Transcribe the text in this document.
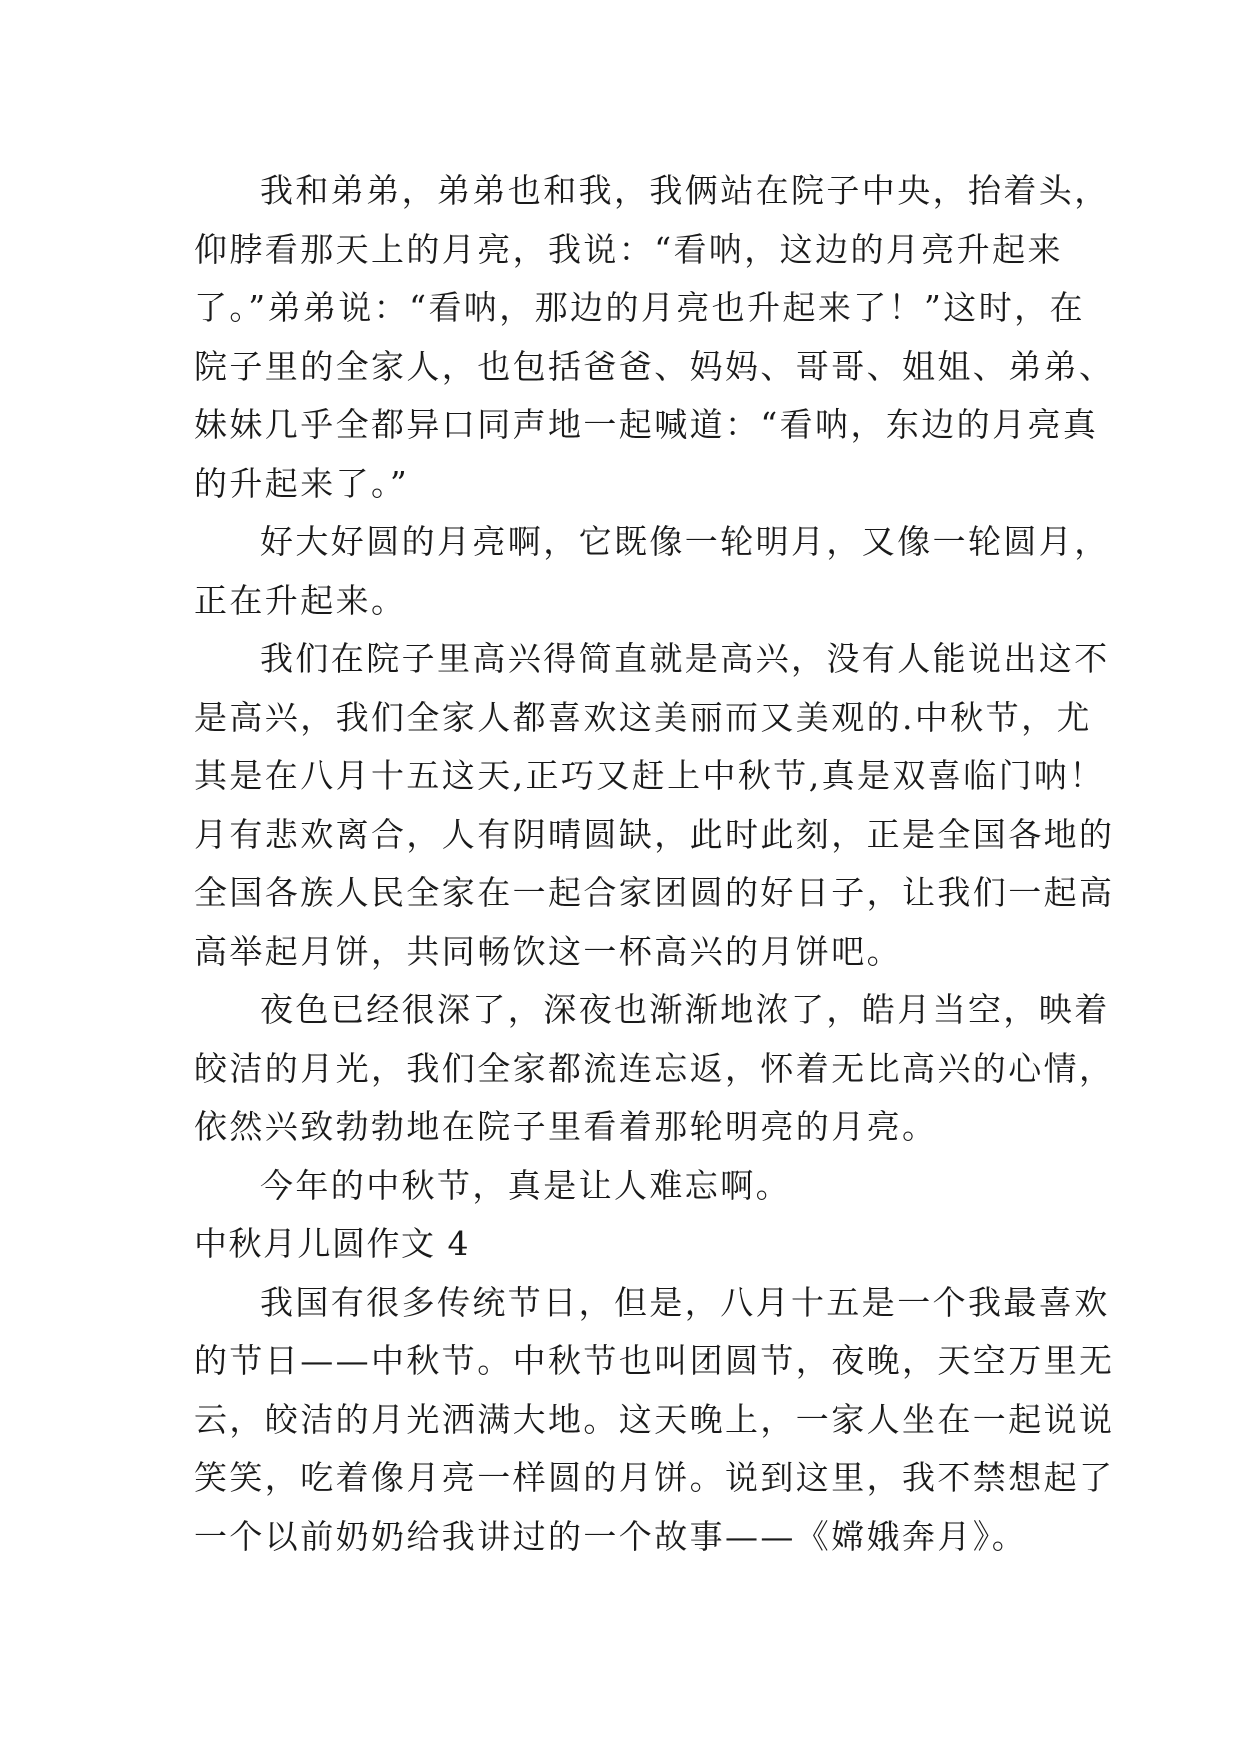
我和弟弟，弟弟也和我，我俩站在院子中央，抬着头，
仰脖看那天上的月亮，我说：“看呐，这边的月亮升起来
了。”弟弟说：“看呐，那边的月亮也升起来了！”这时，在
院子里的全家人，也包括爸爸、妈妈、哥哥、姐姐、弟弟、
妹妹几乎全都异口同声地一起喊道：“看呐，东边的月亮真
的升起来了。”
好大好圆的月亮啊，它既像一轮明月，又像一轮圆月，
正在升起来。
我们在院子里高兴得简直就是高兴，没有人能说出这不
是高兴，我们全家人都喜欢这美丽而又美观的.中秋节，尤
其是在八月十五这天,正巧又赶上中秋节,真是双喜临门呐！
月有悲欢离合，人有阴晴圆缺，此时此刻，正是全国各地的
全国各族人民全家在一起合家团圆的好日子，让我们一起高
高举起月饼，共同畅饮这一杯高兴的月饼吧。
夜色已经很深了，深夜也渐渐地浓了，皓月当空，映着
皎洁的月光，我们全家都流连忘返，怀着无比高兴的心情，
依然兴致勃勃地在院子里看着那轮明亮的月亮。
今年的中秋节，真是让人难忘啊。
中秋月儿圆作文 4
我国有很多传统节日，但是，八月十五是一个我最喜欢
的节日——中秋节。中秋节也叫团圆节，夜晚，天空万里无
云，皎洁的月光洒满大地。这天晚上，一家人坐在一起说说
笑笑，吃着像月亮一样圆的月饼。说到这里，我不禁想起了
一个以前奶奶给我讲过的一个故事——《嫦娥奔月》。
